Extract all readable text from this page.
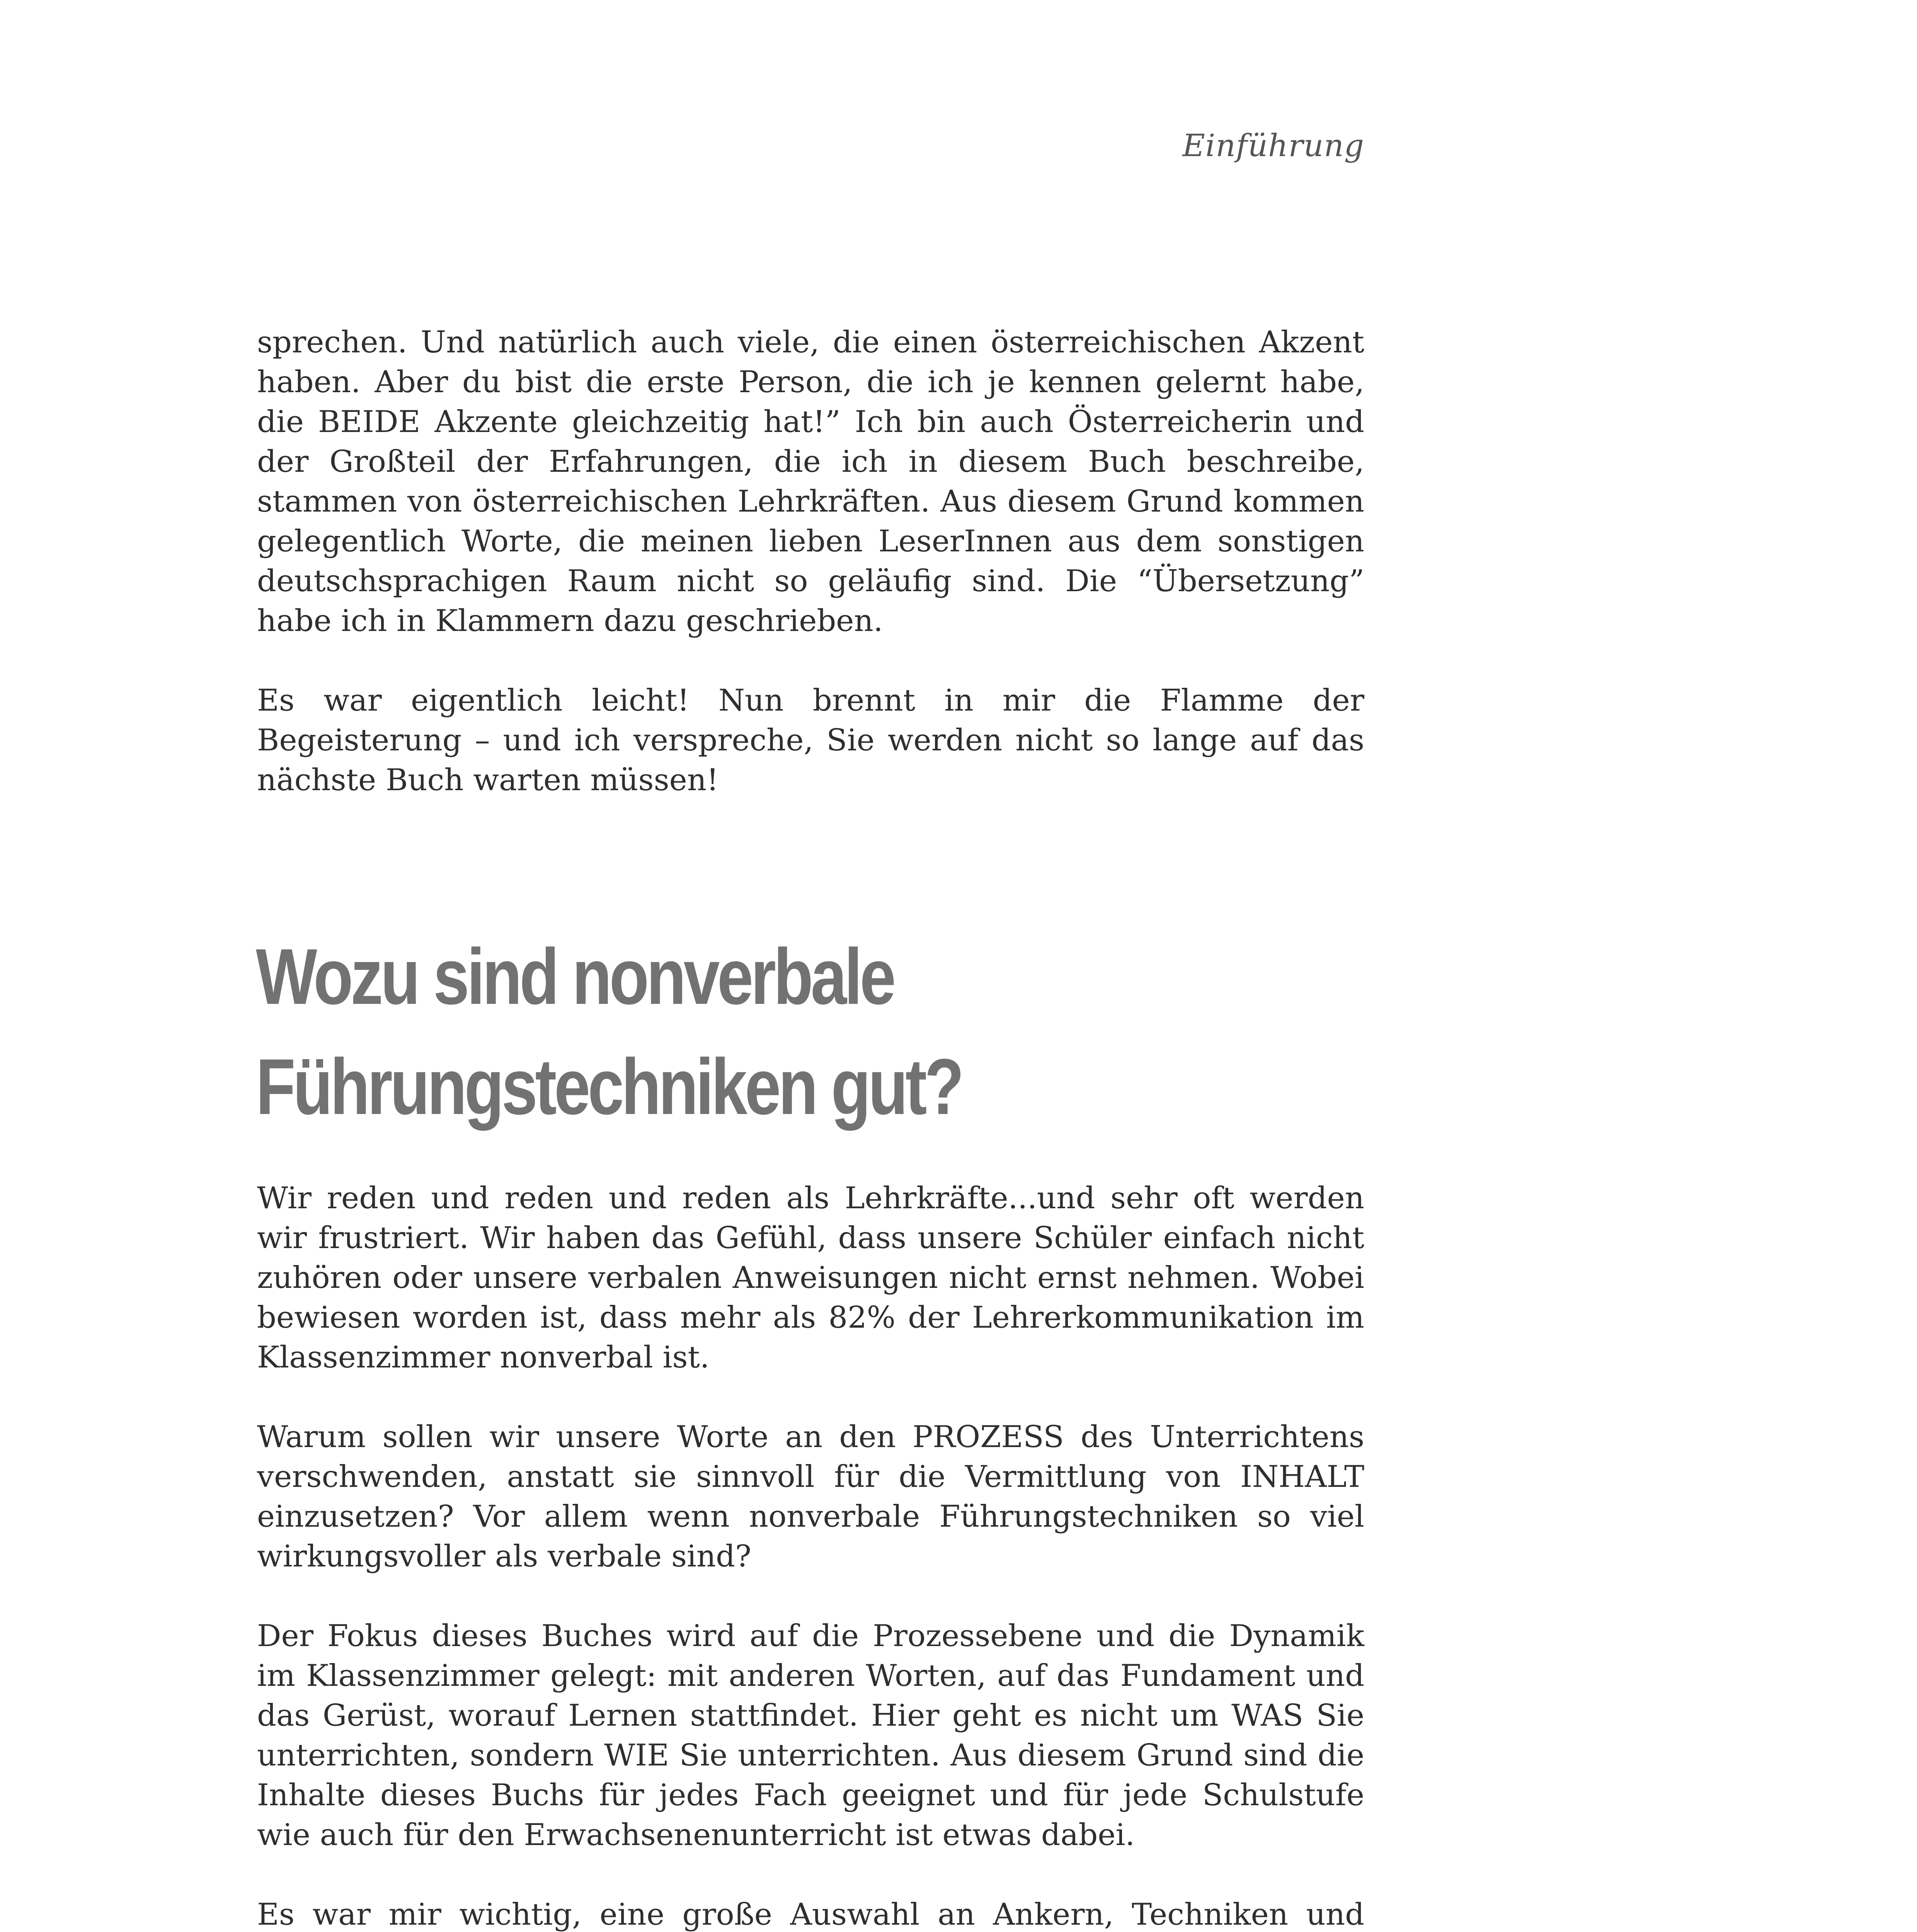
Einführung

sprechen. Und natürlich auch viele, die einen österreichischen Akzent haben. Aber du bist die erste Person, die ich je kennen gelernt habe, die BEIDE Akzente gleichzeitig hat!” Ich bin auch Österreicherin und der Großteil der Erfahrungen, die ich in diesem Buch beschreibe, stammen von österreichischen Lehrkräften. Aus diesem Grund kommen gelegentlich Worte, die meinen lieben LeserInnen aus dem sonstigen deutschsprachigen Raum nicht so geläufig sind. Die “Übersetzung” habe ich in Klammern dazu geschrieben.

Es war eigentlich leicht! Nun brennt in mir die Flamme der Begeisterung – und ich verspreche, Sie werden nicht so lange auf das nächste Buch warten müssen!

Wozu sind nonverbale
Führungstechniken gut?

Wir reden und reden und reden als Lehrkräfte...und sehr oft werden wir frustriert. Wir haben das Gefühl, dass unsere Schüler einfach nicht zuhören oder unsere verbalen Anweisungen nicht ernst nehmen. Wobei bewiesen worden ist, dass mehr als 82% der Lehrerkommunikation im Klassenzimmer nonverbal ist.

Warum sollen wir unsere Worte an den PROZESS des Unterrichtens verschwenden, anstatt sie sinnvoll für die Vermittlung von INHALT einzusetzen? Vor allem wenn nonverbale Führungstechniken so viel wirkungsvoller als verbale sind?

Der Fokus dieses Buches wird auf die Prozessebene und die Dynamik im Klassenzimmer gelegt: mit anderen Worten, auf das Fundament und das Gerüst, worauf Lernen stattfindet. Hier geht es nicht um WAS Sie unterrichten, sondern WIE Sie unterrichten. Aus diesem Grund sind die Inhalte dieses Buchs für jedes Fach geeignet und für jede Schulstufe wie auch für den Erwachsenenunterricht ist etwas dabei.

Es war mir wichtig, eine große Auswahl an Ankern, Techniken und
